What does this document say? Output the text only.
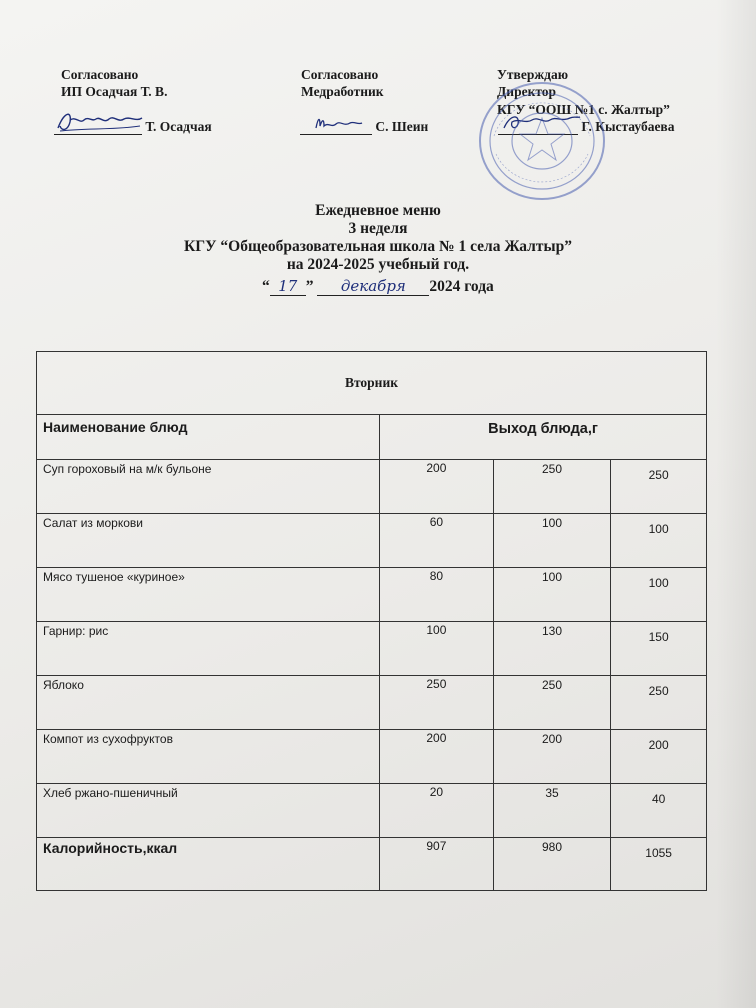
Согласовано
ИП Осадчая Т. В.
Согласовано
Медработник
Утверждаю
Директор
КГУ “ООШ №1 с. Жалтыр”
Т. Осадчая	С. Шеин	Г. Кыстаубаева
Ежедневное меню
3 неделя
КГУ “Общеобразовательная школа № 1 села Жалтыр”
на 2024-2025 учебный год.
“ 17 ” декабря 2024 года
Вторник			
Наименование блюд	Выход блюда,г		
Суп гороховый на м/к бульоне	200	250	250
Салат из моркови	60	100	100
Мясо тушеное «куриное»	80	100	100
Гарнир: рис	100	130	150
Яблоко	250	250	250
Компот из сухофруктов	200	200	200
Хлеб ржано-пшеничный	20	35	40
Калорийность,ккал	907	980	1055
